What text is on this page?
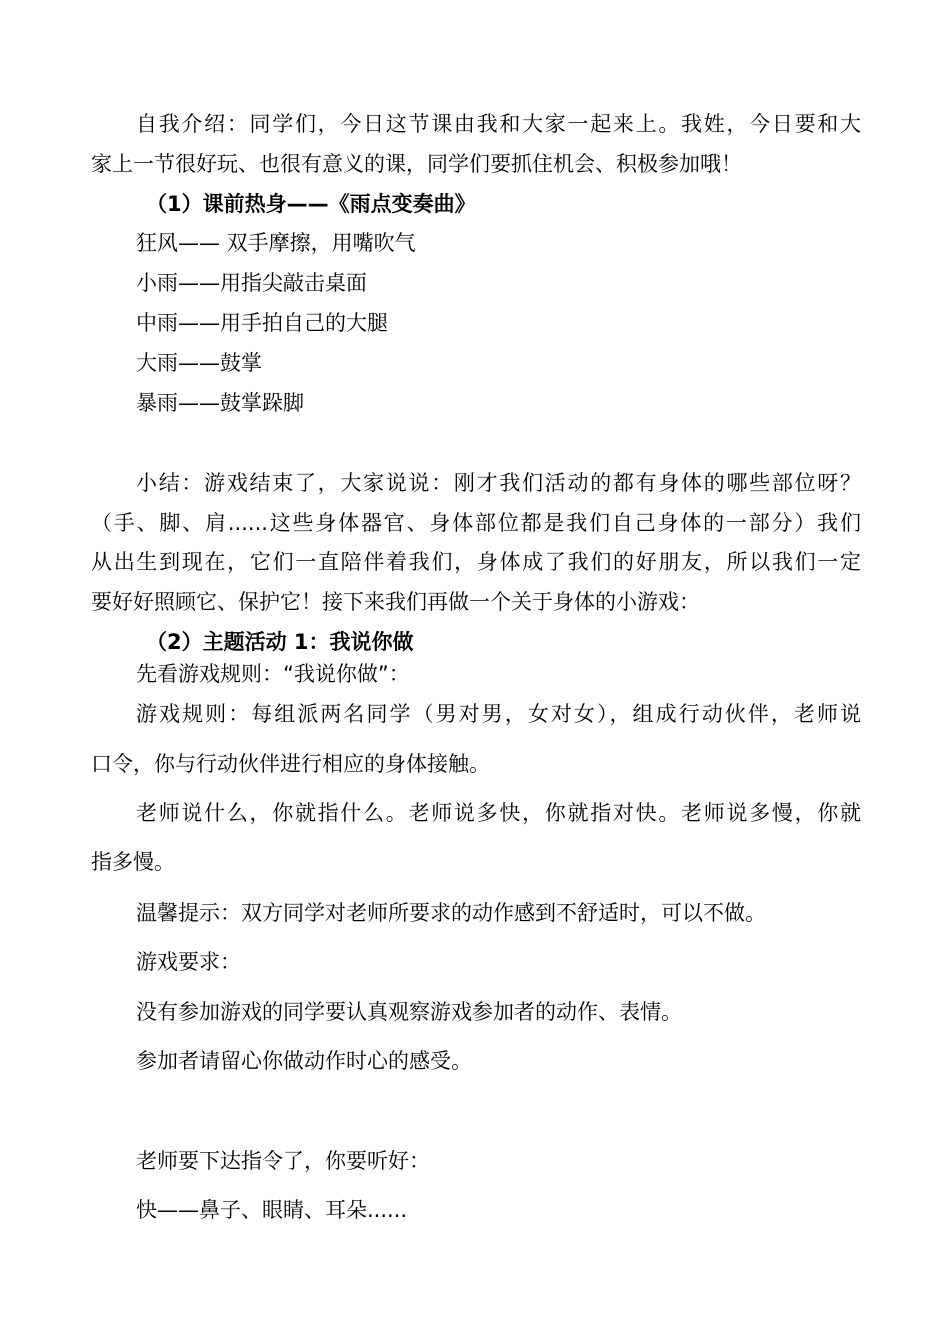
自我介绍：同学们，今日这节课由我和大家一起来上。我姓，今日要和大
家上一节很好玩、也很有意义的课，同学们要抓住机会、积极参加哦！
（1）课前热身——《雨点变奏曲》
狂风—— 双手摩擦，用嘴吹气
小雨——用指尖敲击桌面
中雨——用手拍自己的大腿
大雨——鼓掌
暴雨——鼓掌跺脚
小结：游戏结束了，大家说说：刚才我们活动的都有身体的哪些部位呀？
（手、脚、肩......这些身体器官、身体部位都是我们自己身体的一部分）我们
从出生到现在，它们一直陪伴着我们，身体成了我们的好朋友，所以我们一定
要好好照顾它、保护它！接下来我们再做一个关于身体的小游戏：
（2）主题活动 1：我说你做
先看游戏规则：“我说你做”：
游戏规则：每组派两名同学（男对男，女对女），组成行动伙伴，老师说
口令，你与行动伙伴进行相应的身体接触。
老师说什么，你就指什么。老师说多快，你就指对快。老师说多慢，你就
指多慢。
温馨提示：双方同学对老师所要求的动作感到不舒适时，可以不做。
游戏要求：
没有参加游戏的同学要认真观察游戏参加者的动作、表情。
参加者请留心你做动作时心的感受。
老师要下达指令了，你要听好：
快——鼻子、眼睛、耳朵......
